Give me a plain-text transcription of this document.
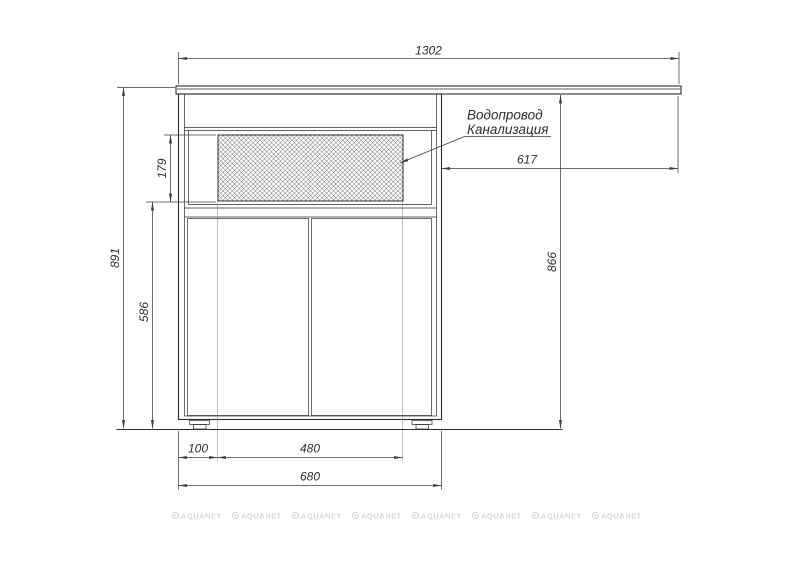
1302
891
179
586
866
617
100	480
680
Водопровод
Канализация
AQUANET	AQUANET	AQUANET	AQUANET	AQUANET	AQUANET	AQUANET	AQUANET
